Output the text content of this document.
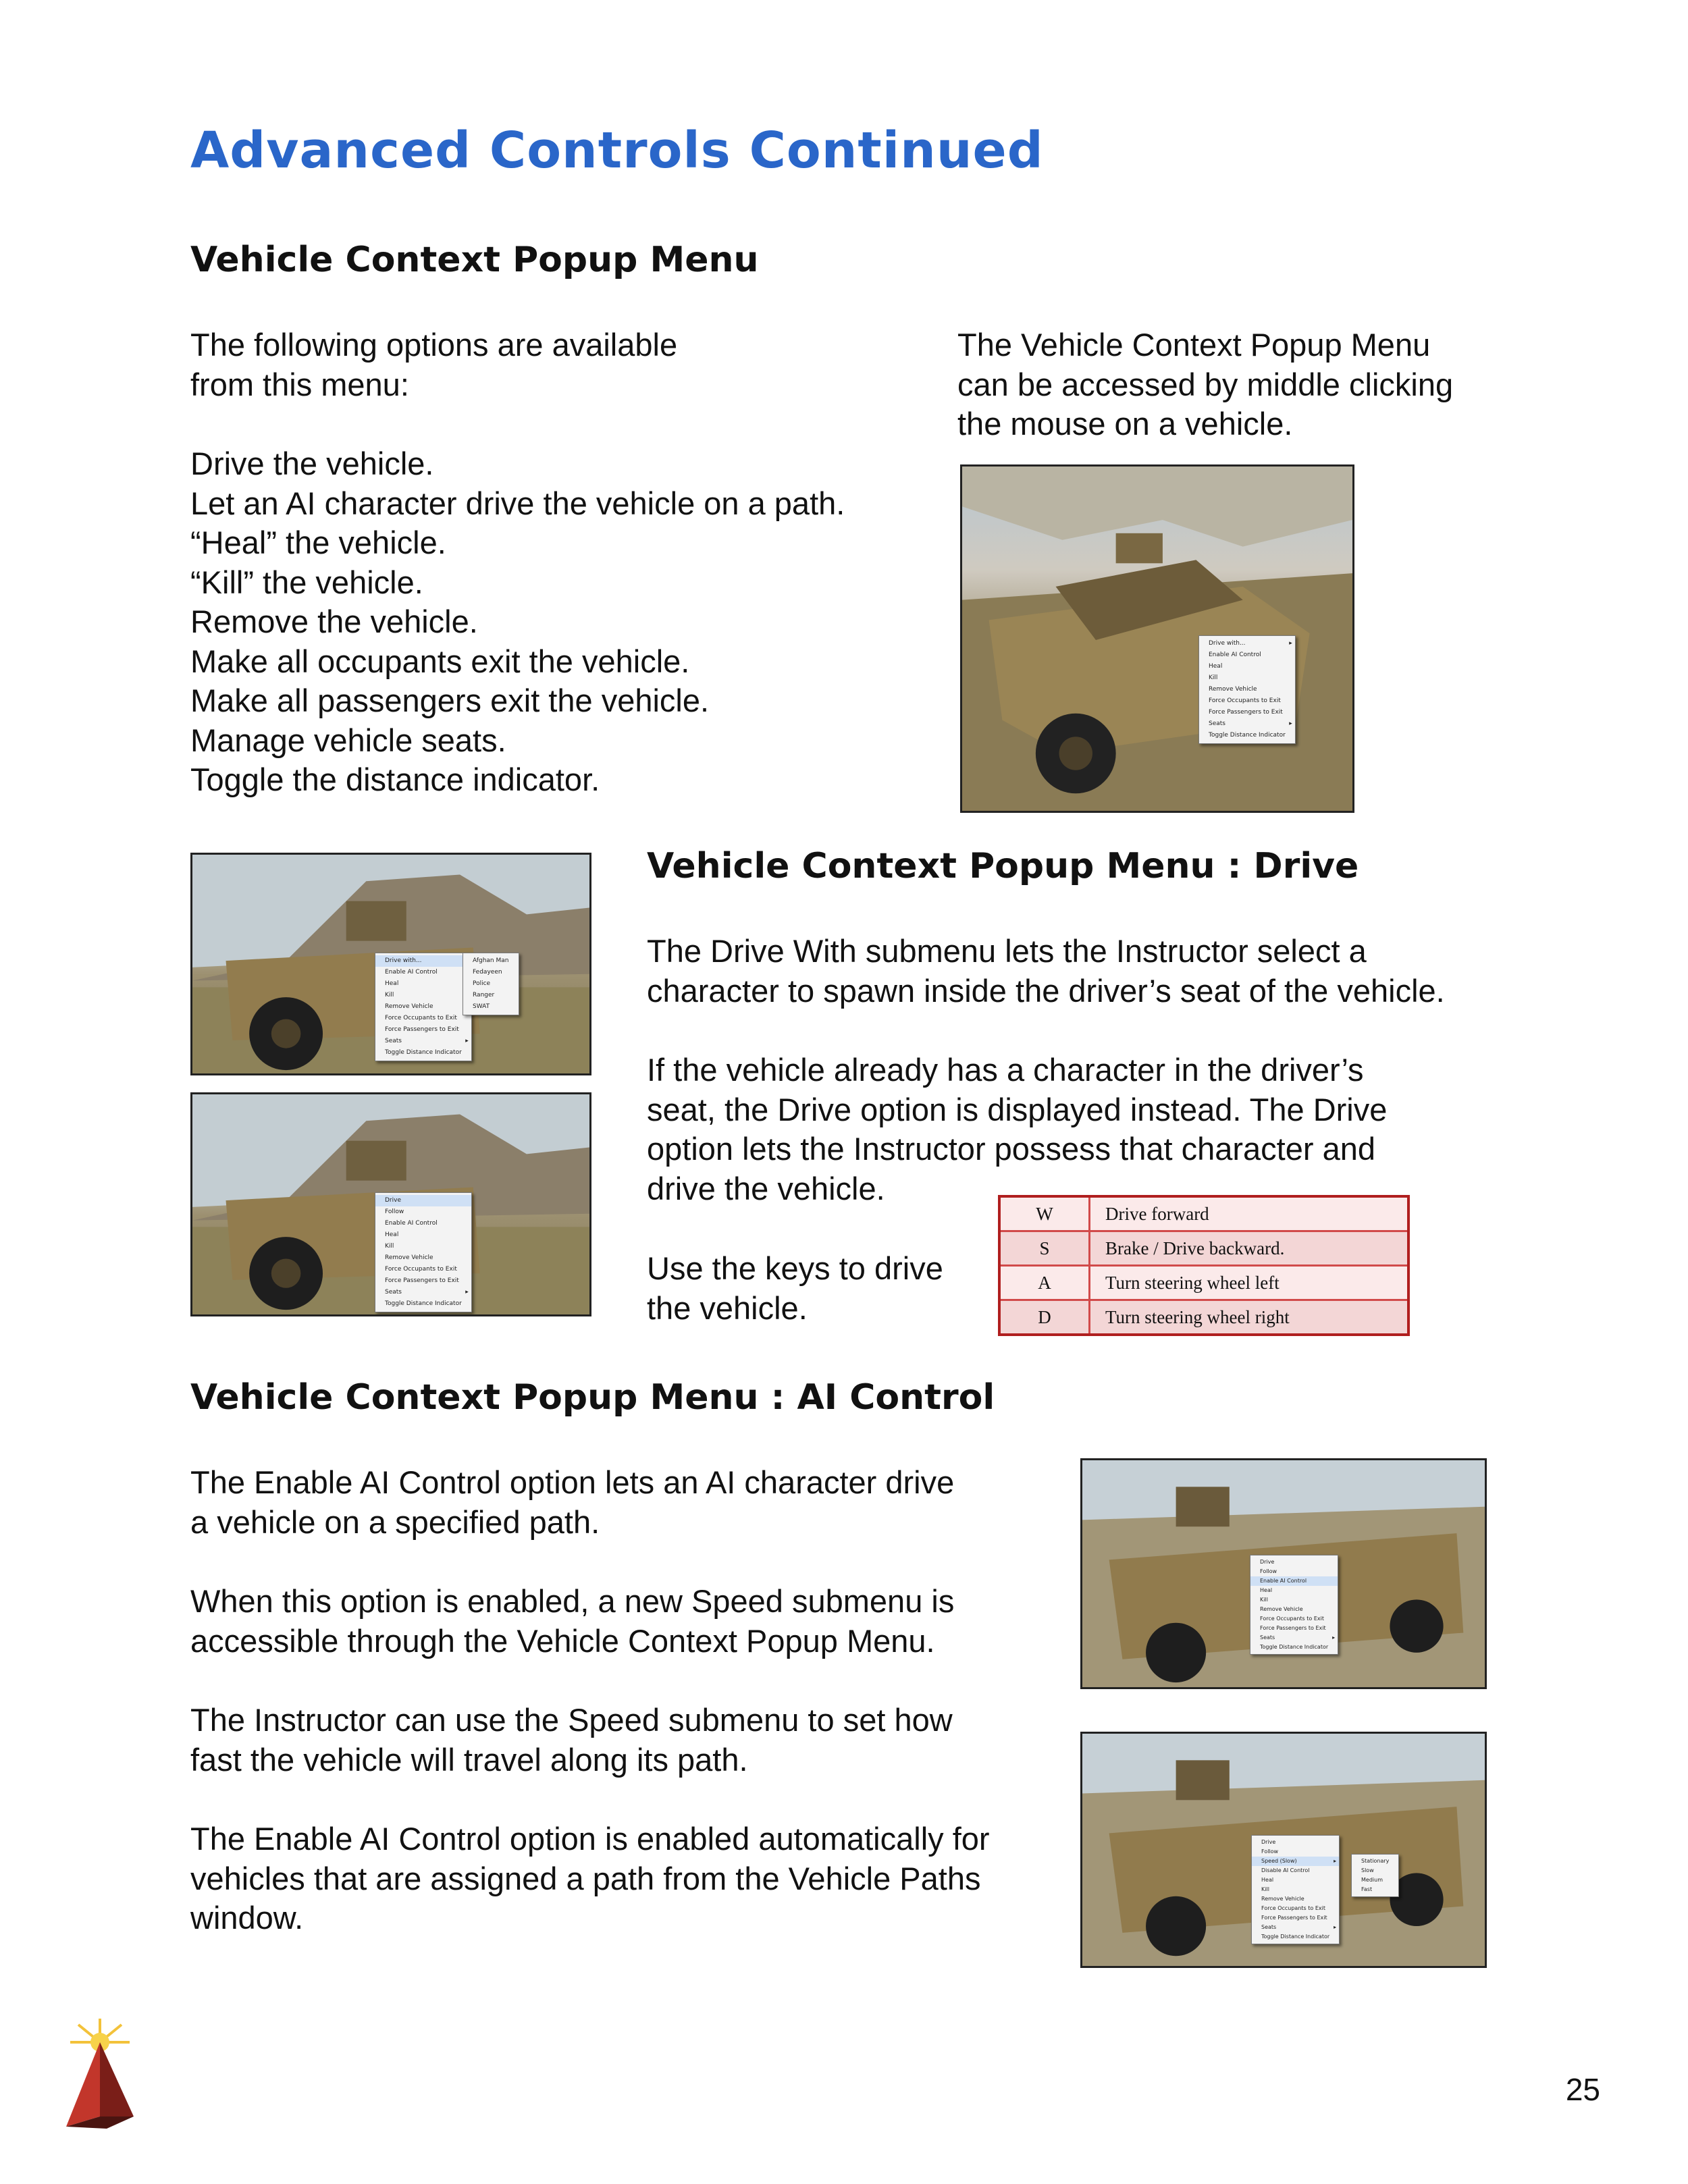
Advanced Controls Continued
Vehicle Context Popup Menu
The following options are available
from this menu:
Drive the vehicle.
Let an AI character drive the vehicle on a path.
“Heal” the vehicle.
“Kill” the vehicle.
Remove the vehicle.
Make all occupants exit the vehicle.
Make all passengers exit the vehicle.
Manage vehicle seats.
Toggle the distance indicator.
The Vehicle Context Popup Menu
can be accessed by middle clicking
the mouse on a vehicle.
Drive with... ▸
Enable AI Control
Heal
Kill
Remove Vehicle
Force Occupants to Exit
Force Passengers to Exit
Seats ▸
Toggle Distance Indicator
Drive with... ▸
Enable AI Control
Heal
Kill
Remove Vehicle
Force Occupants to Exit
Force Passengers to Exit
Seats ▸
Toggle Distance Indicator
Afghan Man
Fedayeen
Police
Ranger
SWAT
Drive
Follow
Enable AI Control
Heal
Kill
Remove Vehicle
Force Occupants to Exit
Force Passengers to Exit
Seats ▸
Toggle Distance Indicator
Vehicle Context Popup Menu : Drive
The Drive With submenu lets the Instructor select a
character to spawn inside the driver’s seat of the vehicle.
If the vehicle already has a character in the driver’s
seat, the Drive option is displayed instead. The Drive
option lets the Instructor possess that character and
drive the vehicle.
Use the keys to drive
the vehicle.
W	Drive forward
S	Brake / Drive backward.
A	Turn steering wheel left
D	Turn steering wheel right
Vehicle Context Popup Menu : AI Control
The Enable AI Control option lets an AI character drive
a vehicle on a specified path.
When this option is enabled, a new Speed submenu is
accessible through the Vehicle Context Popup Menu.
The Instructor can use the Speed submenu to set how
fast the vehicle will travel along its path.
The Enable AI Control option is enabled automatically for
vehicles that are assigned a path from the Vehicle Paths
window.
Drive
Follow
Enable AI Control
Heal
Kill
Remove Vehicle
Force Occupants to Exit
Force Passengers to Exit
Seats ▸
Toggle Distance Indicator
Drive
Follow
Speed (Slow) ▸
Disable AI Control
Heal
Kill
Remove Vehicle
Force Occupants to Exit
Force Passengers to Exit
Seats ▸
Toggle Distance Indicator
Stationary
Slow
Medium
Fast
25
